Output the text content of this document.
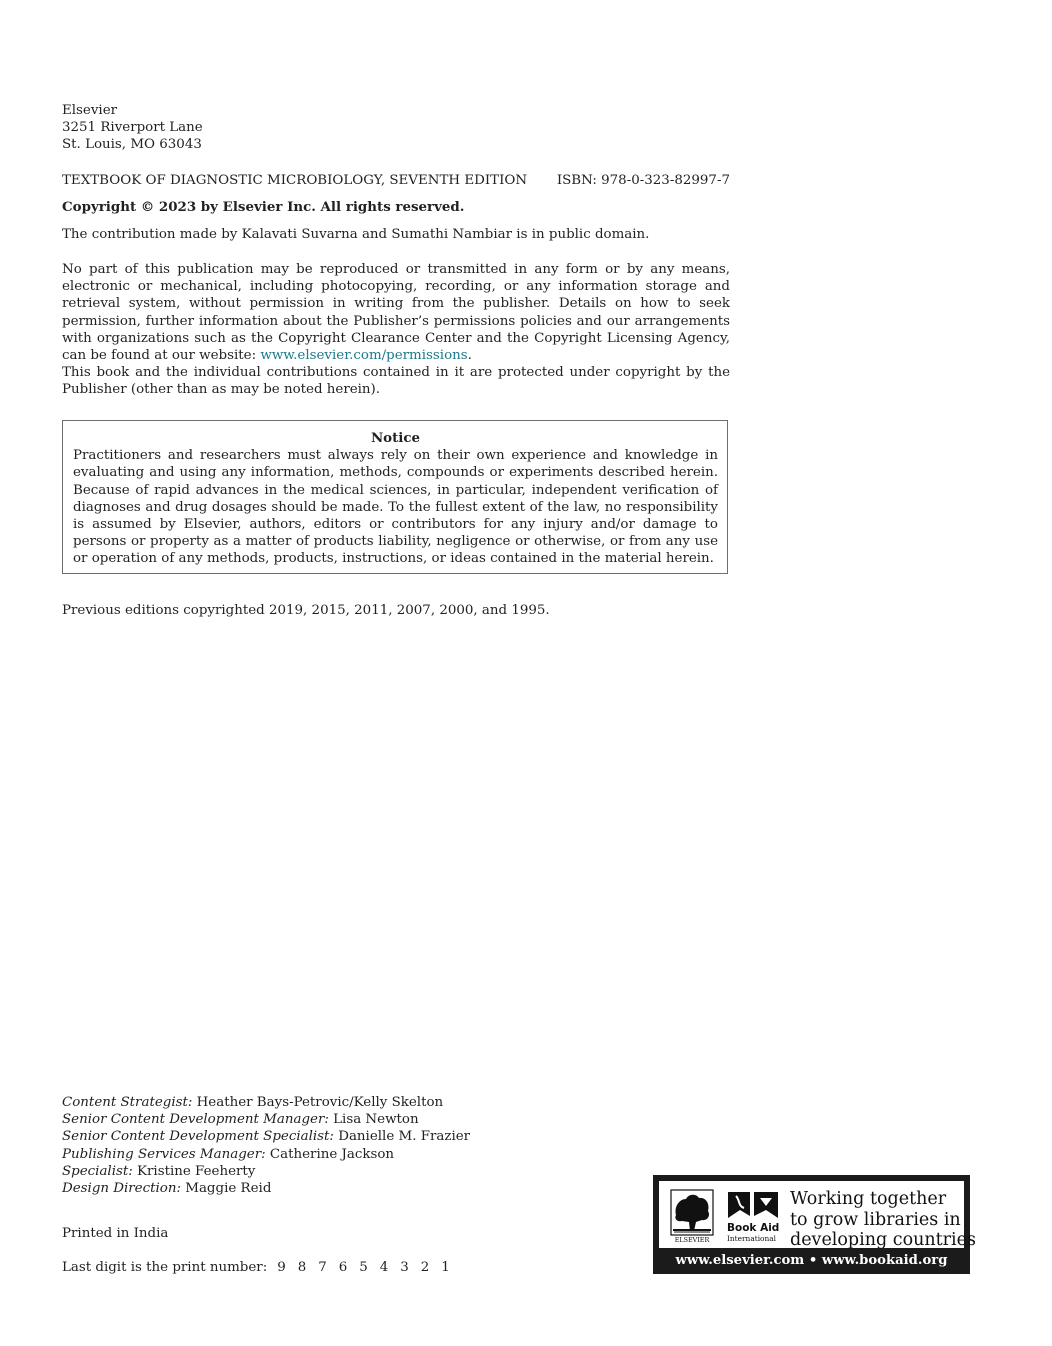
Elsevier
3251 Riverport Lane
St. Louis, MO 63043
TEXTBOOK OF DIAGNOSTIC MICROBIOLOGY, SEVENTH EDITION ISBN: 978-0-323-82997-7
Copyright © 2023 by Elsevier Inc. All rights reserved.
The contribution made by Kalavati Suvarna and Sumathi Nambiar is in public domain.
No part of this publication may be reproduced or transmitted in any form or by any means, electronic or mechanical, including photocopying, recording, or any information storage and retrieval system, without permission in writing from the publisher. Details on how to seek permission, further information about the Publisher’s permissions policies and our arrangements with organizations such as the Copyright Clearance Center and the Copyright Licensing Agency, can be found at our website: www.elsevier.com/permissions.
This book and the individual contributions contained in it are protected under copyright by the Publisher (other than as may be noted herein).
Notice
Practitioners and researchers must always rely on their own experience and knowledge in evaluating and using any information, methods, compounds or experiments described herein. Because of rapid advances in the medical sciences, in particular, independent verification of diagnoses and drug dosages should be made. To the fullest extent of the law, no responsibility is assumed by Elsevier, authors, editors or contributors for any injury and/or damage to persons or property as a matter of products liability, negligence or otherwise, or from any use or operation of any methods, products, instructions, or ideas contained in the material herein.
Previous editions copyrighted 2019, 2015, 2011, 2007, 2000, and 1995.
Content Strategist: Heather Bays-Petrovic/Kelly Skelton
Senior Content Development Manager: Lisa Newton
Senior Content Development Specialist: Danielle M. Frazier
Publishing Services Manager: Catherine Jackson
Specialist: Kristine Feeherty
Design Direction: Maggie Reid
Printed in India
Last digit is the print number: 9 8 7 6 5 4 3 2 1
ELSEVIER
Book Aid
International
Working together
to grow libraries in
developing countries
www.elsevier.com • www.bookaid.org
